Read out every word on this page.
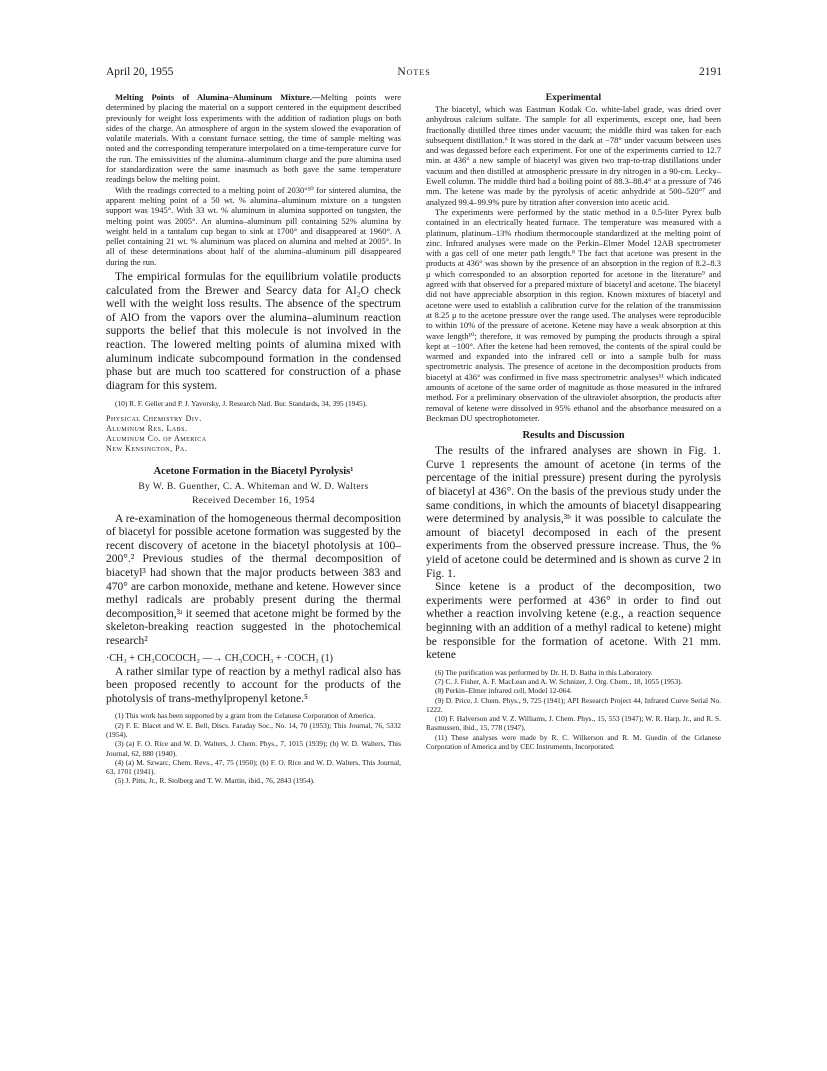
April 20, 1955	Notes	2191

Melting Points of Alumina–Aluminum Mixture.—Melting points were determined by placing the material on a support centered in the equipment described previously for weight loss experiments with the addition of radiation plugs on both sides of the charge. An atmosphere of argon in the system slowed the evaporation of volatile materials. With a constant furnace setting, the time of sample melting was noted and the corresponding temperature interpolated on a time-temperature curve for the run. The emissivities of the alumina–aluminum charge and the pure alumina used for standardization were the same inasmuch as both gave the same temperature readings below the melting point.

With the readings corrected to a melting point of 2030°¹⁰ for sintered alumina, the apparent melting point of a 50 wt. % alumina–aluminum mixture on a tungsten support was 1945°. With 33 wt. % aluminum in alumina supported on tungsten, the melting point was 2005°. An alumina–aluminum pill containing 52% alumina by weight held in a tantalum cup began to sink at 1700° and disappeared at 1960°. A pellet containing 21 wt. % aluminum was placed on alumina and melted at 2005°. In all of these determinations about half of the alumina–aluminum pill disappeared during the run.

The empirical formulas for the equilibrium volatile products calculated from the Brewer and Searcy data for Al₂O check well with the weight loss results. The absence of the spectrum of AlO from the vapors over the alumina–aluminum reaction supports the belief that this molecule is not involved in the reaction. The lowered melting points of alumina mixed with aluminum indicate subcompound formation in the condensed phase but are much too scattered for construction of a phase diagram for this system.

(10) R. F. Geller and P. J. Yavorsky, J. Research Natl. Bur. Standards, 34, 395 (1945).

Physical Chemistry Div.
Aluminum Res. Labs.
Aluminum Co. of America
New Kensington, Pa.
Acetone Formation in the Biacetyl Pyrolysis¹
By W. B. Guenther, C. A. Whiteman and W. D. Walters
Received December 16, 1954

A re-examination of the homogeneous thermal decomposition of biacetyl for possible acetone formation was suggested by the recent discovery of acetone in the biacetyl photolysis at 100–200°.² Previous studies of the thermal decomposition of biacetyl³ had shown that the major products between 383 and 470° are carbon monoxide, methane and ketene. However since methyl radicals are probably present during the thermal decomposition,³ʴ it seemed that acetone might be formed by the skeleton-breaking reaction suggested in the photochemical research²

·CH₃ + CH₃COCOCH₃ —→ CH₃COCH₃ + ·COCH₃ (1)

A rather similar type of reaction by a methyl radical also has been proposed recently to account for the products of the photolysis of trans-methylpropenyl ketone.⁵

(1) This work has been supported by a grant from the Celanese Corporation of America.

(2) F. E. Blacet and W. E. Bell, Discs. Faraday Soc., No. 14, 70 (1953); This Journal, 76, 5332 (1954).

(3) (a) F. O. Rice and W. D. Walters, J. Chem. Phys., 7, 1015 (1939); (b) W. D. Walters, This Journal, 62, 880 (1940).

(4) (a) M. Szwarc, Chem. Revs., 47, 75 (1950); (b) F. O. Rice and W. D. Walters, This Journal, 63, 1701 (1941).

(5) J. Pitts, Jr., R. Stolberg and T. W. Martin, ibid., 76, 2843 (1954).

Experimental

The biacetyl, which was Eastman Kodak Co. white-label grade, was dried over anhydrous calcium sulfate. The sample for all experiments, except one, had been fractionally distilled three times under vacuum; the middle third was taken for each subsequent distillation.⁶ It was stored in the dark at −78° under vacuum between uses and was degassed before each experiment. For one of the experiments carried to 12.7 min. at 436° a new sample of biacetyl was given two trap-to-trap distillations under vacuum and then distilled at atmospheric pressure in dry nitrogen in a 90-cm. Lecky–Ewell column. The middle third had a boiling point of 88.3–88.4° at a pressure of 746 mm. The ketene was made by the pyrolysis of acetic anhydride at 500–520°⁷ and analyzed 99.4–99.9% pure by titration after conversion into acetic acid.

The experiments were performed by the static method in a 0.5-liter Pyrex bulb contained in an electrically heated furnace. The temperature was measured with a platinum, platinum–13% rhodium thermocouple standardized at the melting point of zinc. Infrared analyses were made on the Perkin–Elmer Model 12AB spectrometer with a gas cell of one meter path length.⁸ The fact that acetone was present in the products at 436° was shown by the presence of an absorption in the region of 8.2–8.3 μ which corresponded to an absorption reported for acetone in the literature⁹ and agreed with that observed for a prepared mixture of biacetyl and acetone. The biacetyl did not have appreciable absorption in this region. Known mixtures of biacetyl and acetone were used to establish a calibration curve for the relation of the transmission at 8.25 μ to the acetone pressure over the range used. The analyses were reproducible to within 10% of the pressure of acetone. Ketene may have a weak absorption at this wave length¹⁰; therefore, it was removed by pumping the products through a spiral kept at −100°. After the ketene had been removed, the contents of the spiral could be warmed and expanded into the infrared cell or into a sample bulb for mass spectrometric analysis. The presence of acetone in the decomposition products from biacetyl at 436° was confirmed in five mass spectrometric analyses¹¹ which indicated amounts of acetone of the same order of magnitude as those measured in the infrared method. For a preliminary observation of the ultraviolet absorption, the products after removal of ketene were dissolved in 95% ethanol and the absorbance measured on a Beckman DU spectrophotometer.

Results and Discussion

The results of the infrared analyses are shown in Fig. 1. Curve 1 represents the amount of acetone (in terms of the percentage of the initial pressure) present during the pyrolysis of biacetyl at 436°. On the basis of the previous study under the same conditions, in which the amounts of biacetyl disappearing were determined by analysis,³ᵇ it was possible to calculate the amount of biacetyl decomposed in each of the present experiments from the observed pressure increase. Thus, the % yield of acetone could be determined and is shown as curve 2 in Fig. 1.

Since ketene is a product of the decomposition, two experiments were performed at 436° in order to find out whether a reaction involving ketene (e.g., a reaction sequence beginning with an addition of a methyl radical to ketene) might be responsible for the formation of acetone. With 21 mm. ketene

(6) The purification was performed by Dr. H. D. Batha in this Laboratory.

(7) C. J. Fisher, A. F. MacLean and A. W. Schnizer, J. Org. Chem., 18, 1055 (1953).

(8) Perkin–Elmer infrared cell, Model 12-064.

(9) D. Price, J. Chem. Phys., 9, 725 (1941); API Research Project 44, Infrared Curve Serial No. 1222.

(10) F. Halverson and V. Z. Williams, J. Chem. Phys., 15, 553 (1947); W. R. Harp, Jr., and R. S. Rasmussen, ibid., 15, 778 (1947).

(11) These analyses were made by R. C. Wilkerson and R. M. Guedin of the Celanese Corporation of America and by CEC Instruments, Incorporated.
